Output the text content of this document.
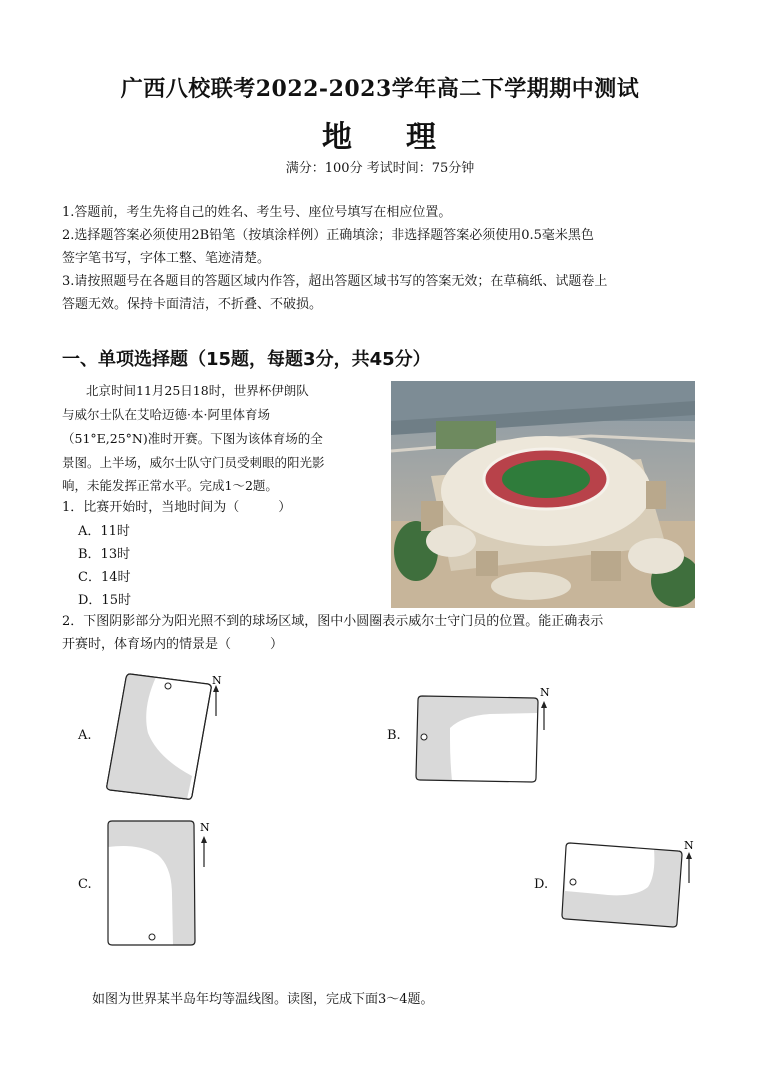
广西八校联考2022-2023学年高二下学期期中测试
地 理
满分：100分 考试时间：75分钟
1.答题前，考生先将自己的姓名、考生号、座位号填写在相应位置。
2.选择题答案必须使用2B铅笔（按填涂样例）正确填涂；非选择题答案必须使用0.5毫米黑色
签字笔书写，字体工整、笔迹清楚。
3.请按照题号在各题目的答题区域内作答，超出答题区域书写的答案无效；在草稿纸、试题卷上
答题无效。保持卡面清洁，不折叠、不破损。
一、单项选择题（15题，每题3分，共45分）
北京时间11月25日18时，世界杯伊朗队
与威尔士队在艾哈迈德·本·阿里体育场
（51°E,25°N)准时开赛。下图为该体育场的全
景图。上半场，威尔士队守门员受刺眼的阳光影
响，未能发挥正常水平。完成1～2题。
1．比赛开始时，当地时间为（　　　）
A．11时
B．13时
C．14时
D．15时
2．下图阴影部分为阳光照不到的球场区域，图中小圆圈表示威尔士守门员的位置。能正确表示
开赛时，体育场内的情景是（　　　）
A.
N
B.
N
C.
N
D.
N
如图为世界某半岛年均等温线图。读图，完成下面3～4题。
